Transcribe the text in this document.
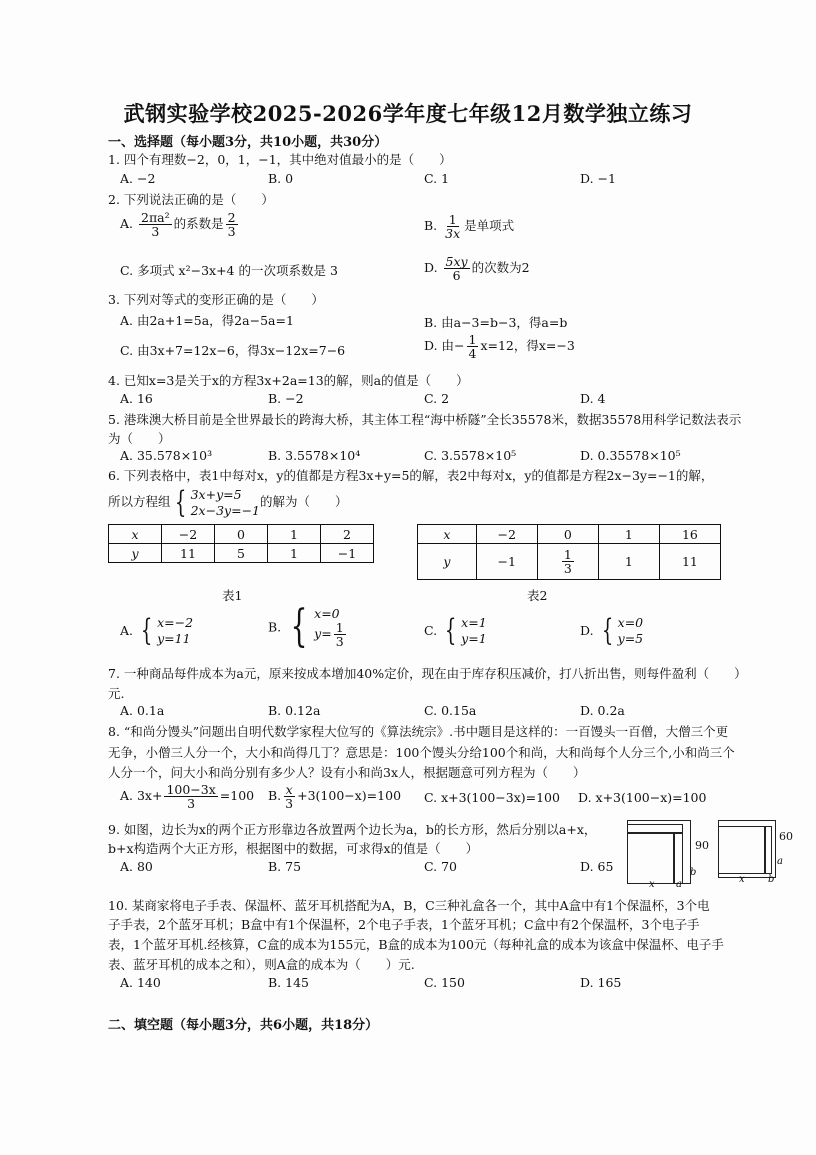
武钢实验学校2025-2026学年度七年级12月数学独立练习
一、选择题（每小题3分，共10小题，共30分）
1. 四个有理数−2，0，1，−1，其中绝对值最小的是（　　）
A. −2	B. 0	C. 1	D. −1
2. 下列说法正确的是（　　）
A. $\frac{\text{2πa²}}{3}$ 的系数是 $\frac{2}{3}$	B. $\frac{1}{3x}$ 是单项式
C. 多项式 x²−3x+4 的一次项系数是 3	D. $\frac{5xy}{6}$ 的次数为2
3. 下列对等式的变形正确的是（　　）
A. 由2a+1=5a，得2a−5a=1	B. 由a−3=b−3，得a=b
C. 由3x+7=12x−6，得3x−12x=7−6	D. 由− $\frac{1}{4} x=12$，得x=−3
4. 已知x=3是关于x的方程3x+2a=13的解，则a的值是（　　）
A. 16	B. −2	C. 2	D. 4
5. 港珠澳大桥目前是全世界最长的跨海大桥，其主体工程“海中桥隧”全长35578米，数据35578用科学记数法表示
为（　　）
A. 35.578×10³	B. 3.5578×10⁴	C. 3.5578×10⁵	D. 0.35578×10⁵
6. 下列表格中，表1中每对x，y的值都是方程3x+y=5的解，表2中每对x，y的值都是方程2x−3y=−1的解，
所以方程组 { 3x+y=5
2x−3y=−1
的解为（　　）
x	−2	0	1	2
y	11	5	1	−1
表1
x	−2	0	1	16
y	−1	$\frac{1}{3}$	1	11
表2
A. { x=−2
y=11
B. { x=0
$y= \frac{1}{3}$	C. { x=1
y=1	D. { x=0
y=5
7. 一种商品每件成本为a元，原来按成本增加40%定价，现在由于库存积压减价，打八折出售，则每件盈利（　　）
元.
A. 0.1a	B. 0.12a	C. 0.15a	D. 0.2a
8. “和尚分馒头”问题出自明代数学家程大位写的《算法统宗》.书中题目是这样的：一百馒头一百僧，大僧三个更
无争，小僧三人分一个，大小和尚得几丁？意思是：100个馒头分给100个和尚，大和尚每个人分三个,小和尚三个
人分一个，问大小和尚分别有多少人？设有小和尚3x人，根据题意可列方程为（　　）
A. $3x+ \frac{100-3x}{3} =100$ B. $\frac{x}{3} +3(100-x)=100$ C. x+3(100−3x)=100 D. x+3(100−x)=100
9. 如图，边长为x的两个正方形靠边各放置两个边长为a，b的长方形，然后分别以a+x，
b+x构造两个大正方形，根据图中的数据，可求得x的值是（　　）
A. 80	B. 75	C. 70	D. 65
90
x a
b
60
a
x b
10. 某商家将电子手表、保温杯、蓝牙耳机搭配为A，B，C三种礼盒各一个，其中A盒中有1个保温杯，3个电
子手表，2个蓝牙耳机；B盒中有1个保温杯，2个电子手表，1个蓝牙耳机；C盒中有2个保温杯，3个电子手
表，1个蓝牙耳机.经核算，C盒的成本为155元，B盒的成本为100元（每种礼盒的成本为该盒中保温杯、电子手
表、蓝牙耳机的成本之和），则A盒的成本为（　　）元.
A. 140	B. 145	C. 150	D. 165
二、填空题（每小题3分，共6小题，共18分）
